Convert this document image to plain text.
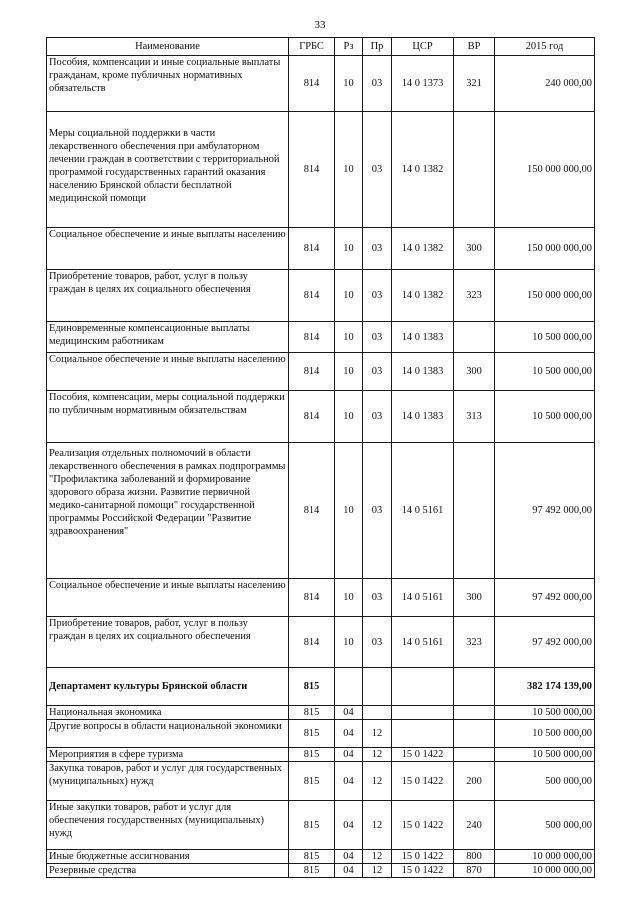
33
Наименование	ГРБС	Рз	Пр	ЦСР	ВР	2015 год
Пособия, компенсации и иные социальные выплаты гражданам, кроме публичных нормативных обязательств	814	10	03	14 0 1373	321	240 000,00
Меры социальной поддержки в части лекарственного обеспечения при амбулаторном лечении граждан в соответствии с территориальной программой государственных гарантий оказания населению Брянской области бесплатной медицинской помощи	814	10	03	14 0 1382		150 000 000,00
Социальное обеспечение и иные выплаты населению	814	10	03	14 0 1382	300	150 000 000,00
Приобретение товаров, работ, услуг в пользу граждан в целях их социального обеспечения	814	10	03	14 0 1382	323	150 000 000,00
Единовременные компенсационные выплаты медицинским работникам	814	10	03	14 0 1383		10 500 000,00
Социальное обеспечение и иные выплаты населению	814	10	03	14 0 1383	300	10 500 000,00
Пособия, компенсации, меры социальной поддержки по публичным нормативным обязательствам	814	10	03	14 0 1383	313	10 500 000,00
Реализация отдельных полномочий в области лекарственного обеспечения в рамках подпрограммы "Профилактика заболеваний и формирование здорового образа жизни. Развитие первичной медико-санитарной помощи" государственной программы Российской Федерации "Развитие здравоохранения"	814	10	03	14 0 5161		97 492 000,00
Социальное обеспечение и иные выплаты населению	814	10	03	14 0 5161	300	97 492 000,00
Приобретение товаров, работ, услуг в пользу граждан в целях их социального обеспечения	814	10	03	14 0 5161	323	97 492 000,00
Департамент культуры Брянской области	815					382 174 139,00
Национальная экономика	815	04				10 500 000,00
Другие вопросы в области национальной экономики	815	04	12			10 500 000,00
Мероприятия в сфере туризма	815	04	12	15 0 1422		10 500 000,00
Закупка товаров, работ и услуг для государственных (муниципальных) нужд	815	04	12	15 0 1422	200	500 000,00
Иные закупки товаров, работ и услуг для обеспечения государственных (муниципальных) нужд	815	04	12	15 0 1422	240	500 000,00
Иные бюджетные ассигнования	815	04	12	15 0 1422	800	10 000 000,00
Резервные средства	815	04	12	15 0 1422	870	10 000 000,00
